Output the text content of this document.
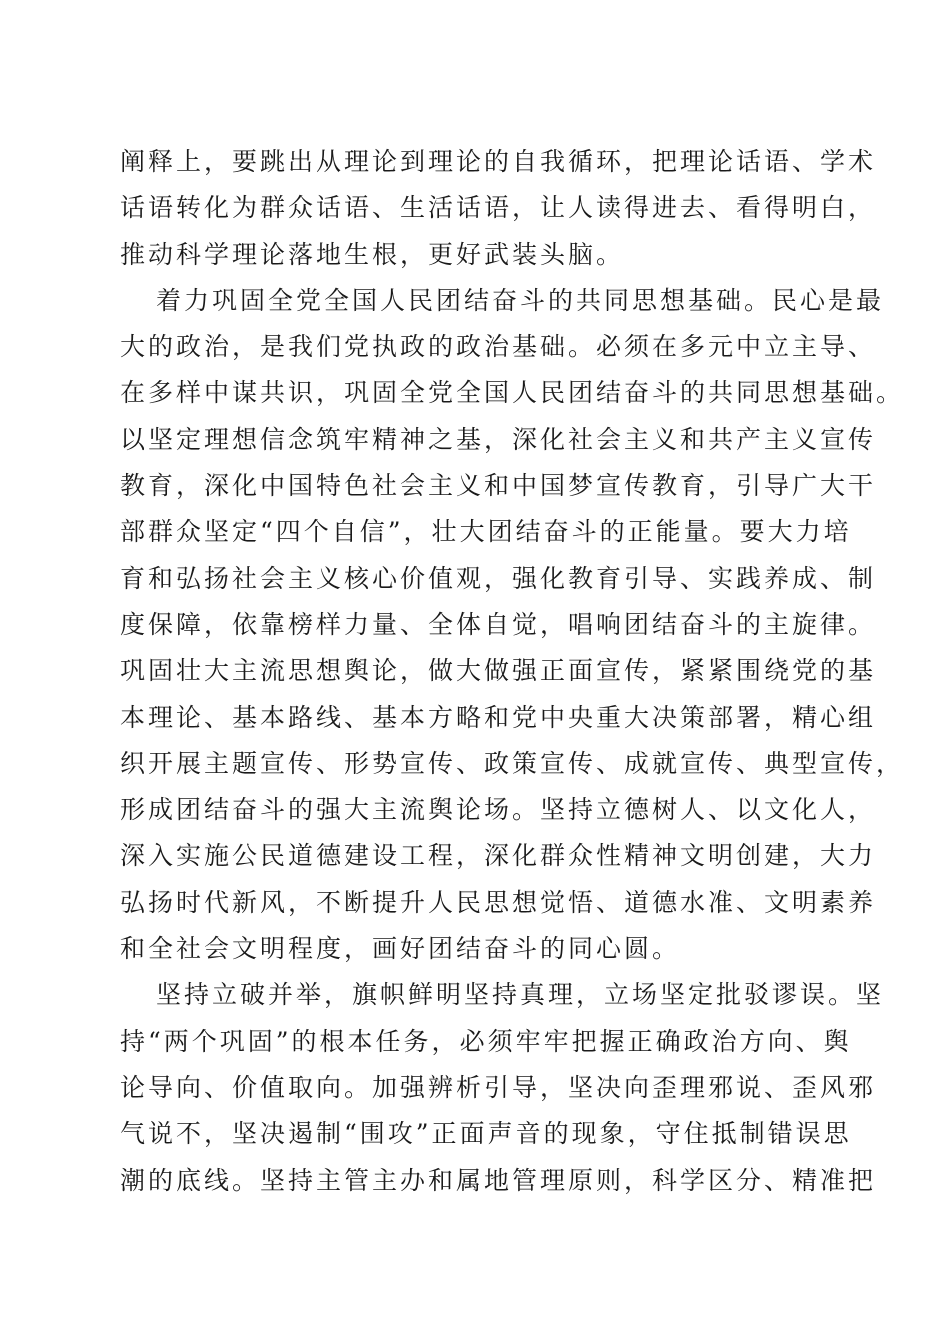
阐释上，要跳出从理论到理论的自我循环，把理论话语、学术
话语转化为群众话语、生活话语，让人读得进去、看得明白，
推动科学理论落地生根，更好武装头脑。
着力巩固全党全国人民团结奋斗的共同思想基础。民心是最
大的政治，是我们党执政的政治基础。必须在多元中立主导、
在多样中谋共识，巩固全党全国人民团结奋斗的共同思想基础。
以坚定理想信念筑牢精神之基，深化社会主义和共产主义宣传
教育，深化中国特色社会主义和中国梦宣传教育，引导广大干
部群众坚定“四个自信”，壮大团结奋斗的正能量。要大力培
育和弘扬社会主义核心价值观，强化教育引导、实践养成、制
度保障，依靠榜样力量、全体自觉，唱响团结奋斗的主旋律。
巩固壮大主流思想舆论，做大做强正面宣传，紧紧围绕党的基
本理论、基本路线、基本方略和党中央重大决策部署，精心组
织开展主题宣传、形势宣传、政策宣传、成就宣传、典型宣传，
形成团结奋斗的强大主流舆论场。坚持立德树人、以文化人，
深入实施公民道德建设工程，深化群众性精神文明创建，大力
弘扬时代新风，不断提升人民思想觉悟、道德水准、文明素养
和全社会文明程度，画好团结奋斗的同心圆。
坚持立破并举，旗帜鲜明坚持真理，立场坚定批驳谬误。坚
持“两个巩固”的根本任务，必须牢牢把握正确政治方向、舆
论导向、价值取向。加强辨析引导，坚决向歪理邪说、歪风邪
气说不，坚决遏制“围攻”正面声音的现象，守住抵制错误思
潮的底线。坚持主管主办和属地管理原则，科学区分、精准把
